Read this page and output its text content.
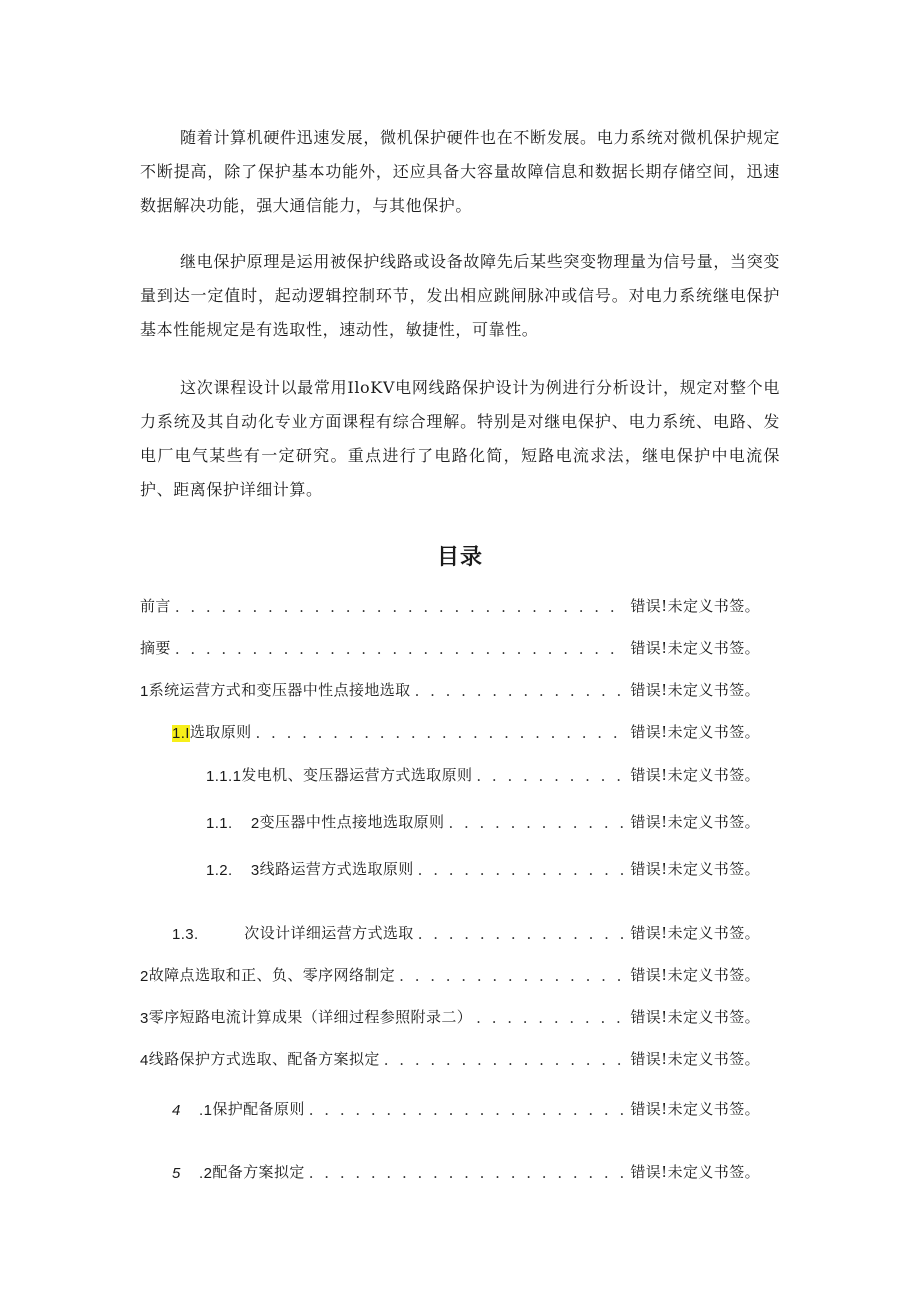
随着计算机硬件迅速发展，微机保护硬件也在不断发展。电力系统对微机保护规定不断提高，除了保护基本功能外，还应具备大容量故障信息和数据长期存储空间，迅速数据解决功能，强大通信能力，与其他保护。

继电保护原理是运用被保护线路或设备故障先后某些突变物理量为信号量，当突变量到达一定值时，起动逻辑控制环节，发出相应跳闸脉冲或信号。对电力系统继电保护基本性能规定是有选取性，速动性，敏捷性，可靠性。

这次课程设计以最常用IloKV电网线路保护设计为例进行分析设计，规定对整个电力系统及其自动化专业方面课程有综合理解。特别是对继电保护、电力系统、电路、发电厂电气某些有一定研究。重点进行了电路化简，短路电流求法，继电保护中电流保护、距离保护详细计算。

目录
前言 . . .	错误!未定义书签。
摘要 . . .	错误!未定义书签。
1 系统运营方式和变压器中性点接地选取 . . .	错误!未定义书签。
1.I 选取原则 . . .	错误!未定义书签。
1.1.1 发电机、变压器运营方式选取原则 . . .	错误!未定义书签。
1.1.    2 变压器中性点接地选取原则 . . .	错误!未定义书签。
1.2.    3 线路运营方式选取原则 . . .	错误!未定义书签。
1.3. 次设计详细运营方式选取 . . .	错误!未定义书签。
2 故障点选取和正、负、零序网络制定 . . .	错误!未定义书签。
3 零序短路电流计算成果（详细过程参照附录二） . . .	错误!未定义书签。
4 线路保护方式选取、配备方案拟定 . . .	错误!未定义书签。
4 .1 保护配备原则 . . .	错误!未定义书签。
5 .2 配备方案拟定 . . .	错误!未定义书签。
